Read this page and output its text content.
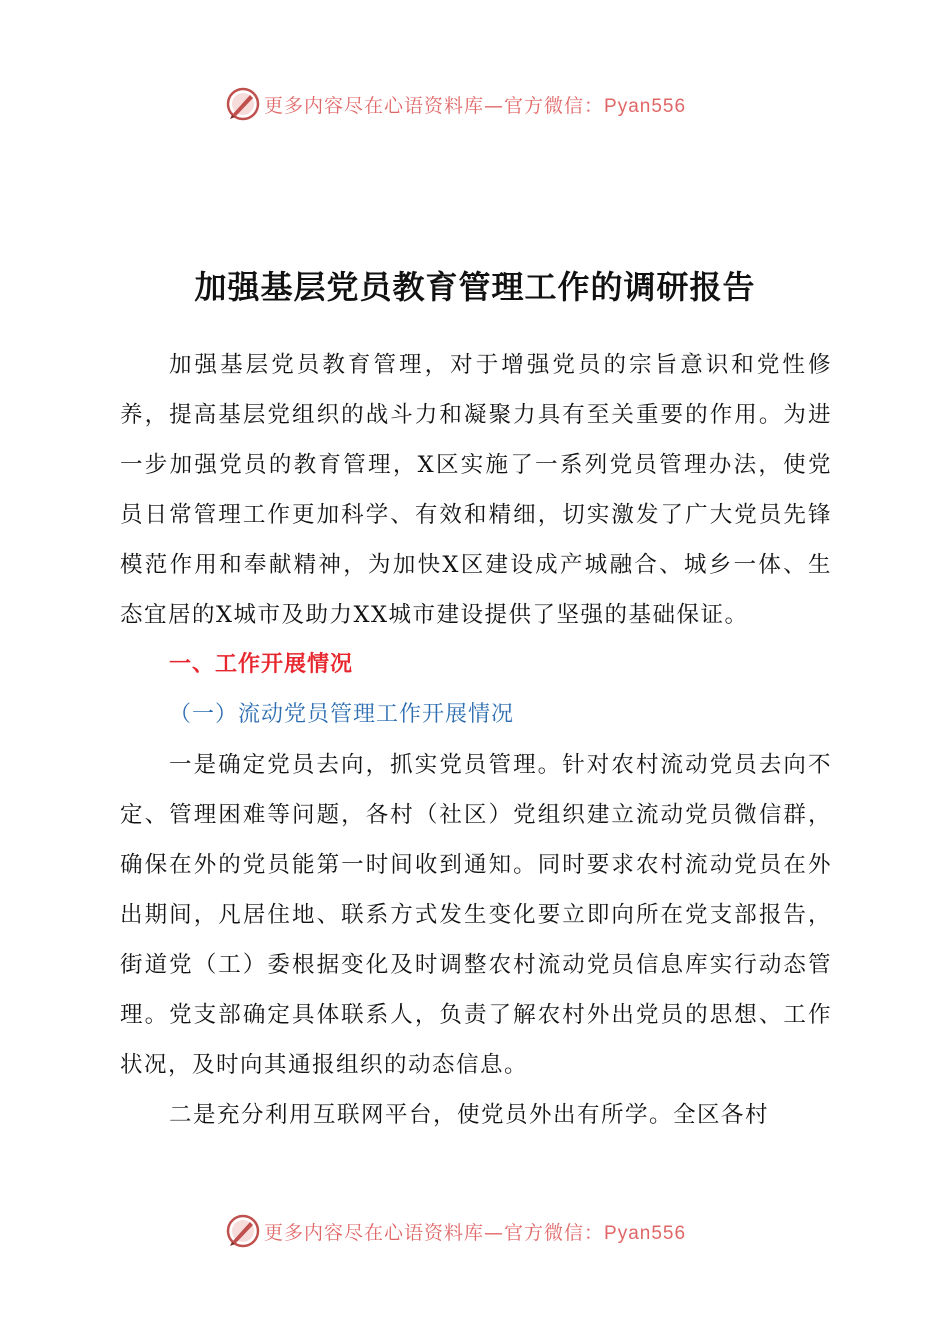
更多内容尽在心语资料库—官方微信：Pyan556
加强基层党员教育管理工作的调研报告

加强基层党员教育管理，对于增强党员的宗旨意识和党性修养，提高基层党组织的战斗力和凝聚力具有至关重要的作用。为进一步加强党员的教育管理，X区实施了一系列党员管理办法，使党员日常管理工作更加科学、有效和精细，切实激发了广大党员先锋模范作用和奉献精神，为加快X区建设成产城融合、城乡一体、生态宜居的X城市及助力XX城市建设提供了坚强的基础保证。

一、工作开展情况

（一）流动党员管理工作开展情况

一是确定党员去向，抓实党员管理。针对农村流动党员去向不定、管理困难等问题，各村（社区）党组织建立流动党员微信群，确保在外的党员能第一时间收到通知。同时要求农村流动党员在外出期间，凡居住地、联系方式发生变化要立即向所在党支部报告，街道党（工）委根据变化及时调整农村流动党员信息库实行动态管理。党支部确定具体联系人，负责了解农村外出党员的思想、工作状况，及时向其通报组织的动态信息。

二是充分利用互联网平台，使党员外出有所学。全区各村

更多内容尽在心语资料库—官方微信：Pyan556
